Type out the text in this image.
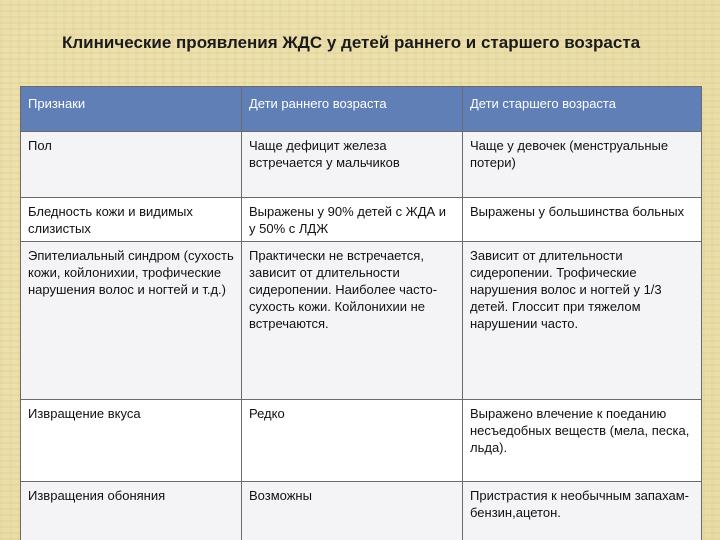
Клинические проявления ЖДС у детей раннего и старшего возраста
Признаки	Дети раннего возраста	Дети старшего возраста
Пол	Чаще дефицит железа встречается у мальчиков	Чаще у девочек (менструальные потери)
Бледность кожи и видимых слизистых	Выражены у 90% детей с ЖДА и у 50% с ЛДЖ	Выражены у большинства больных
Эпителиальный синдром (сухость кожи, койлонихии, трофические нарушения волос и ногтей и т.д.)	Практически не встречается, зависит от длительности сидеропении. Наиболее часто-сухость кожи. Койлонихии не встречаются.	Зависит от длительности сидеропении. Трофические нарушения волос и ногтей у 1/3 детей. Глоссит при тяжелом нарушении часто.
Извращение вкуса	Редко	Выражено влечение к поеданию несъедобных веществ (мела, песка, льда).
Извращения обоняния	Возможны	Пристрастия к необычным запахам- бензин,ацетон.
